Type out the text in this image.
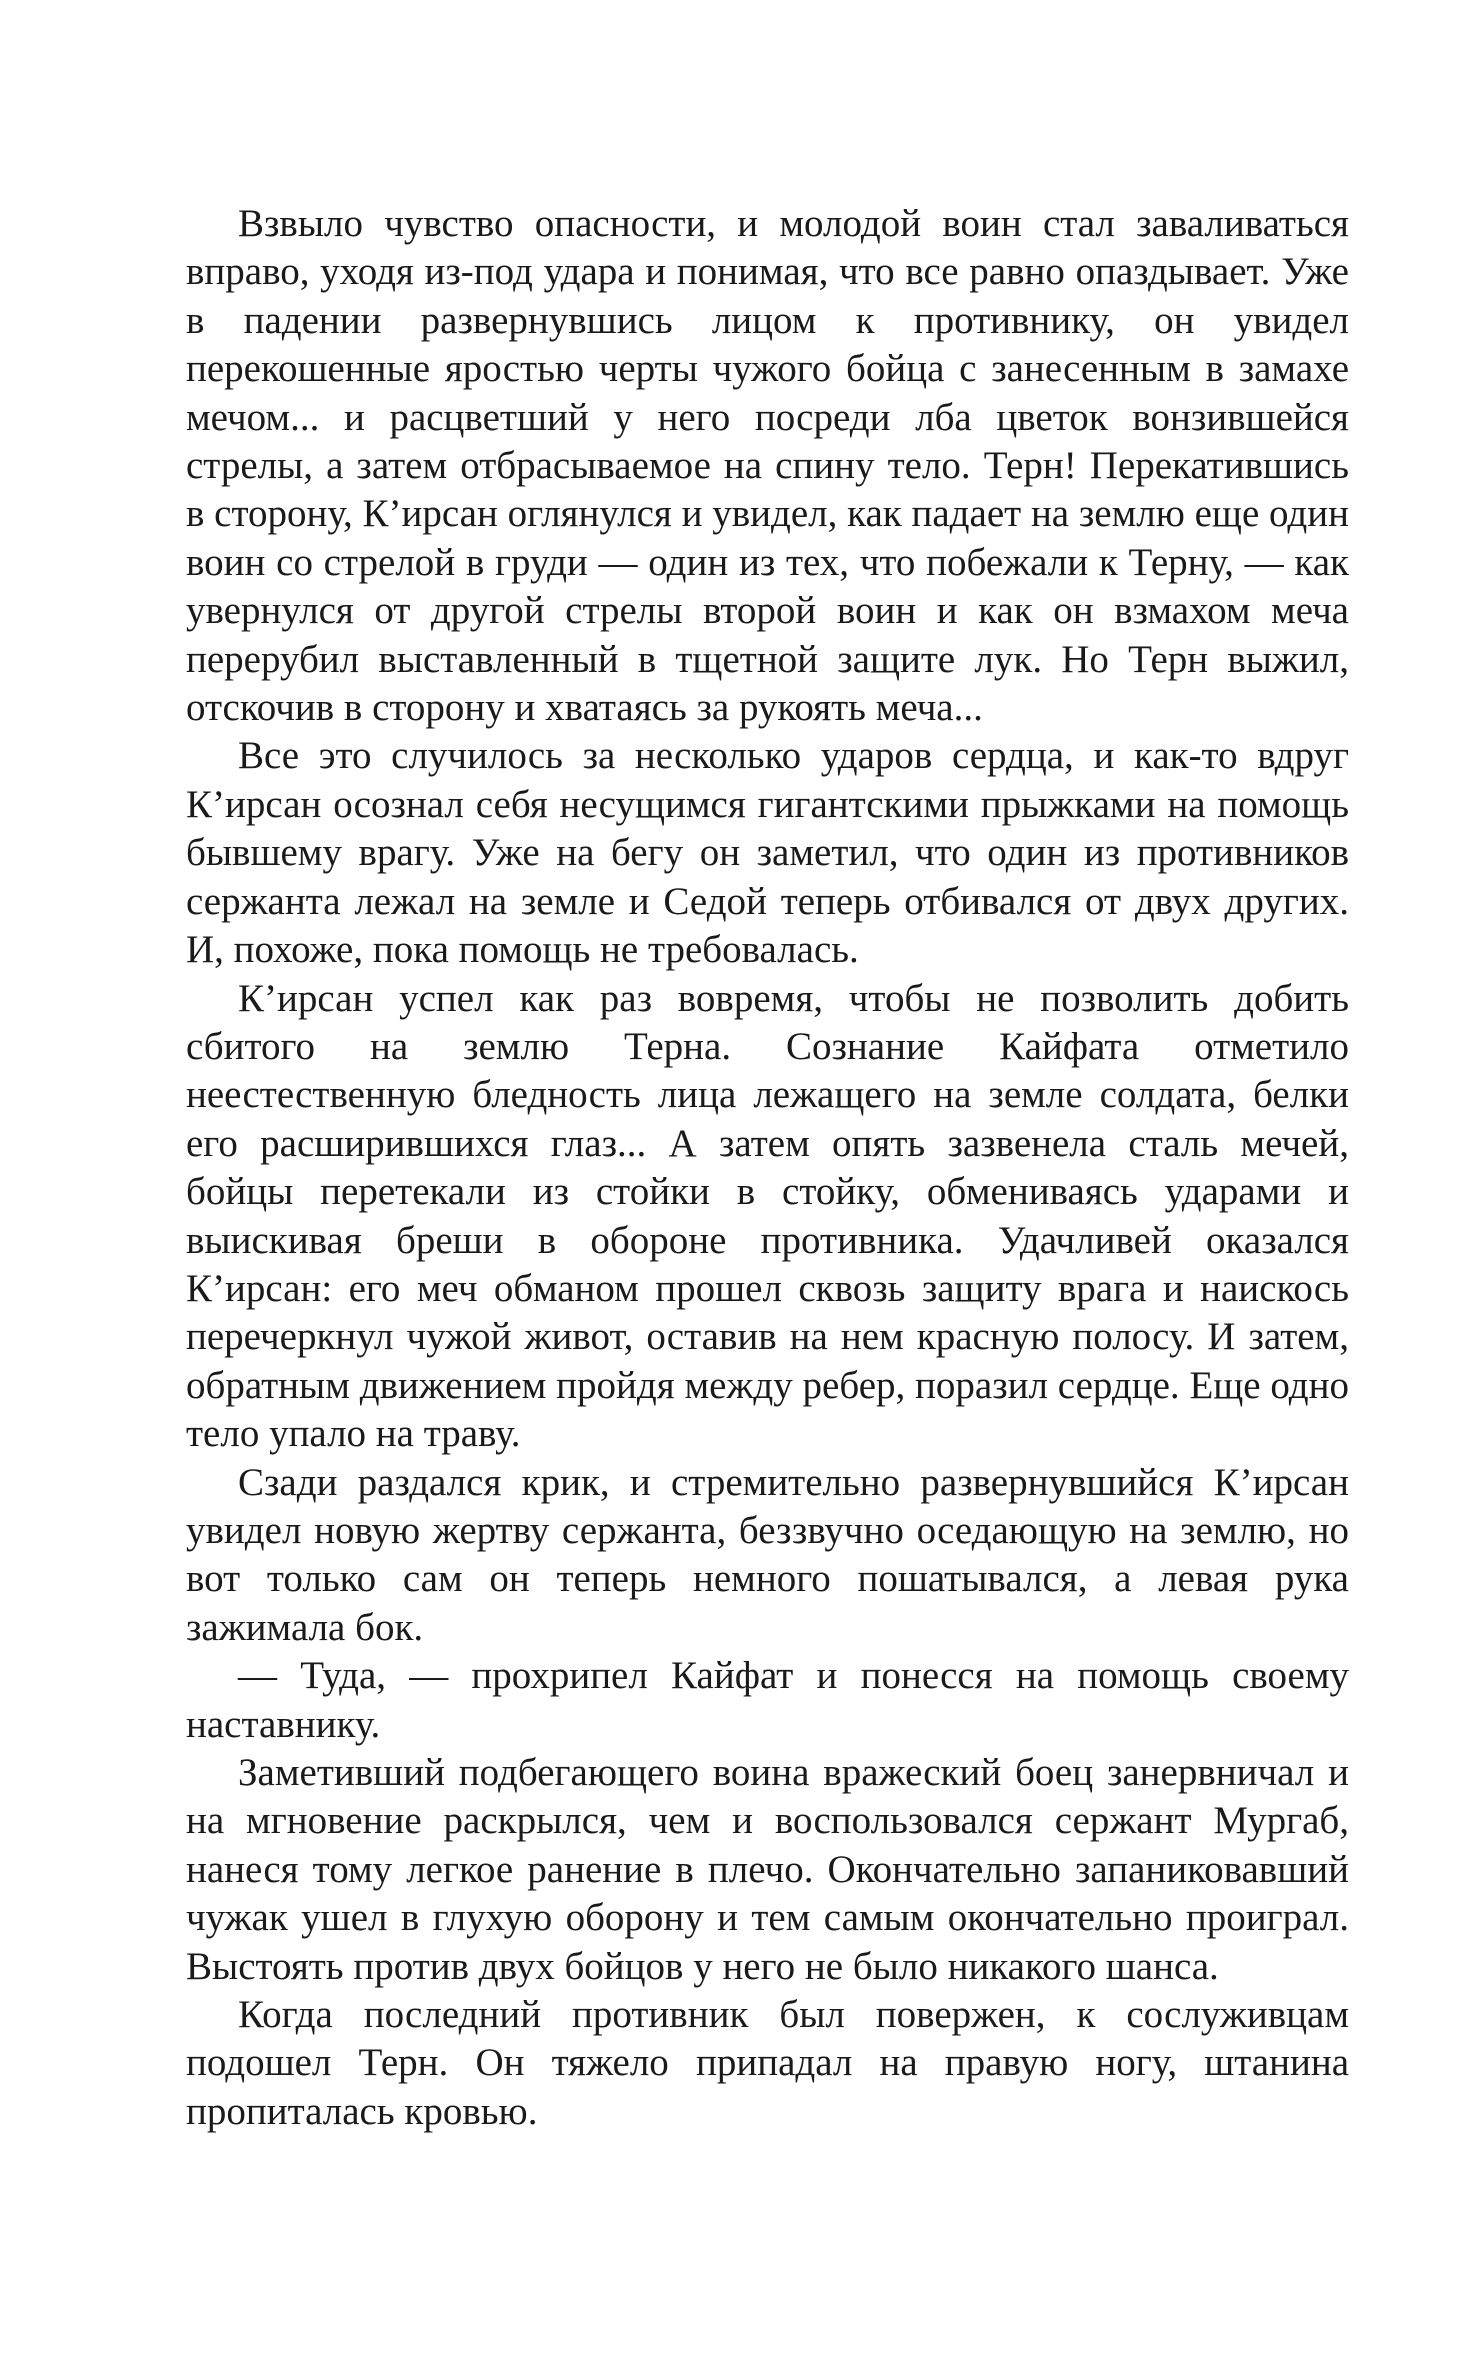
Взвыло чувство опасности, и молодой воин стал заваливаться вправо, уходя из-под удара и понимая, что все равно опаздывает. Уже в падении развернувшись лицом к противнику, он увидел перекошенные яростью черты чужого бойца с занесенным в замахе мечом... и расцветший у него посреди лба цветок вонзившейся стрелы, а затем отбрасываемое на спину тело. Терн! Перекатившись в сторону, К’ирсан оглянулся и увидел, как падает на землю еще один воин со стрелой в груди — один из тех, что побежали к Терну, — как увернулся от другой стрелы второй воин и как он взмахом меча перерубил выставленный в тщетной защите лук. Но Терн выжил, отскочив в сторону и хватаясь за рукоять меча...

Все это случилось за несколько ударов сердца, и как-то вдруг К’ирсан осознал себя несущимся гигантскими прыжками на помощь бывшему врагу. Уже на бегу он заметил, что один из противников сержанта лежал на земле и Седой теперь отбивался от двух других. И, похоже, пока помощь не требовалась.

К’ирсан успел как раз вовремя, чтобы не позволить добить сбитого на землю Терна. Сознание Кайфата отметило неестественную бледность лица лежащего на земле солдата, белки его расширившихся глаз... А затем опять зазвенела сталь мечей, бойцы перетекали из стойки в стойку, обмениваясь ударами и выискивая бреши в обороне противника. Удачливей оказался К’ирсан: его меч обманом прошел сквозь защиту врага и наискось перечеркнул чужой живот, оставив на нем красную полосу. И затем, обратным движением пройдя между ребер, поразил сердце. Еще одно тело упало на траву.

Сзади раздался крик, и стремительно развернувшийся К’ирсан увидел новую жертву сержанта, беззвучно оседающую на землю, но вот только сам он теперь немного пошатывался, а левая рука зажимала бок.

— Туда, — прохрипел Кайфат и понесся на помощь своему наставнику.

Заметивший подбегающего воина вражеский боец занервничал и на мгновение раскрылся, чем и воспользовался сержант Мургаб, нанеся тому легкое ранение в плечо. Окончательно запаниковавший чужак ушел в глухую оборону и тем самым окончательно проиграл. Выстоять против двух бойцов у него не было никакого шанса.

Когда последний противник был повержен, к сослуживцам подошел Терн. Он тяжело припадал на правую ногу, штанина пропиталась кровью.
